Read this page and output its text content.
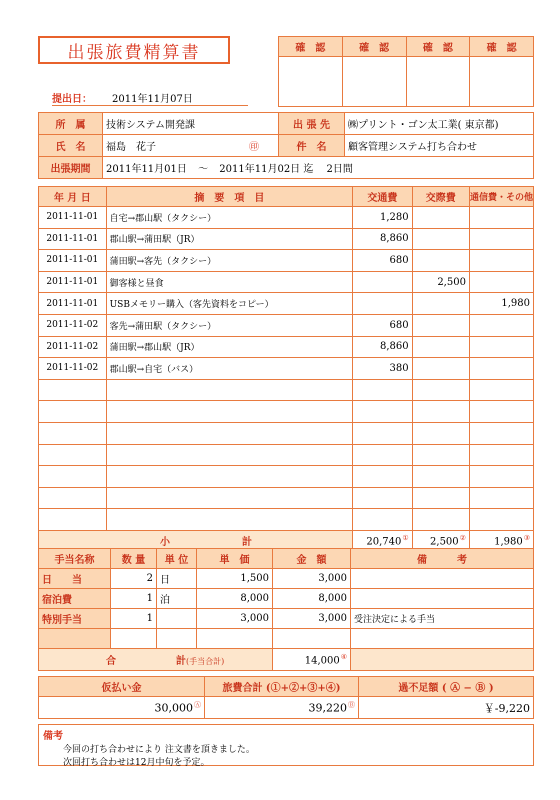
出張旅費精算書	確　認	確　認	確　認	確　認

提出日：	2011年11月07日
所　属	技術システム開発課	出 張 先	㈱プリント・ゴン太工業( 東京都)
氏　名	福島　花子 ㊞	件　名	顧客管理システム打ち合わせ
出張期間	2011年11月01日 ～ 2011年11月02日 迄 2日間		
年 月 日	摘　要　項　目	交通費	交際費	通信費・その他
2011-11-01	自宅→郡山駅（タクシー）	1,280		
2011-11-01	郡山駅→蒲田駅（JR）	8,860		
2011-11-01	蒲田駅→客先（タクシー）	680		
2011-11-01	御客様と昼食		2,500	
2011-11-01	USBメモリー購入（客先資料をコピー）			1,980
2011-11-02	客先→蒲田駅（タクシー）	680		
2011-11-02	蒲田駅→郡山駅（JR）	8,860		
2011-11-02	郡山駅→自宅（バス）	380		

小 計		20,740①	2,500②	1,980③
手当名称	数 量	単 位	単　価	金　額	備　　　考
日　　当	2	日	1,500	3,000	
宿泊費	1	泊	8,000	8,000	
特別手当	1		3,000	3,000	受注決定による手当

合 計(手当合計)				14,000④	
仮払い金	旅費合計 (①+②+③+④)	過不足額 ( Ⓐ − Ⓑ )
30,000Ⓐ	39,220Ⓑ	￥-9,220
備考
今回の打ち合わせにより 注文書を頂きました。
次回打ち合わせは12月中旬を予定。
